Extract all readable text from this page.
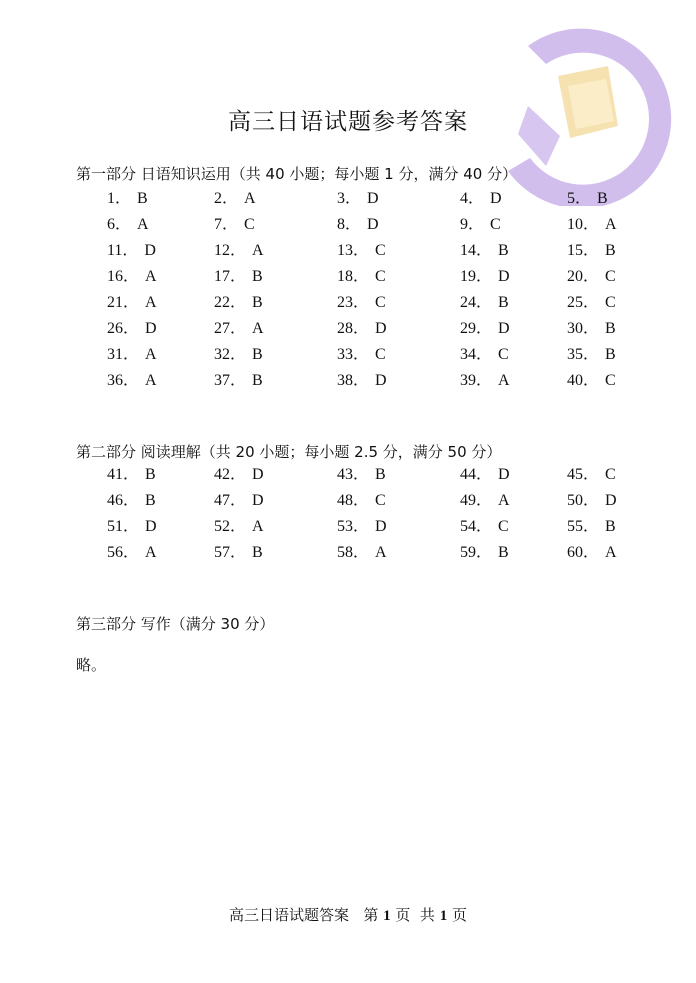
高三日语试题参考答案
第一部分 日语知识运用（共 40 小题；每小题 1 分，满分 40 分）
1． B	2． A	3． D	4． D	5． B
6． A	7． C	8． D	9． C	10． A
11． D	12． A	13． C	14． B	15． B
16． A	17． B	18． C	19． D	20． C
21． A	22． B	23． C	24． B	25． C
26． D	27． A	28． D	29． D	30． B
31． A	32． B	33． C	34． C	35． B
36． A	37． B	38． D	39． A	40． C
第二部分 阅读理解（共 20 小题；每小题 2.5 分，满分 50 分）
41． B	42． D	43． B	44． D	45． C
46． B	47． D	48． C	49． A	50． D
51． D	52． A	53． D	54． C	55． B
56． A	57． B	58． A	59． B	60． A
第三部分 写作（满分 30 分）
略。
高三日语试题答案   第 1 页  共 1 页
